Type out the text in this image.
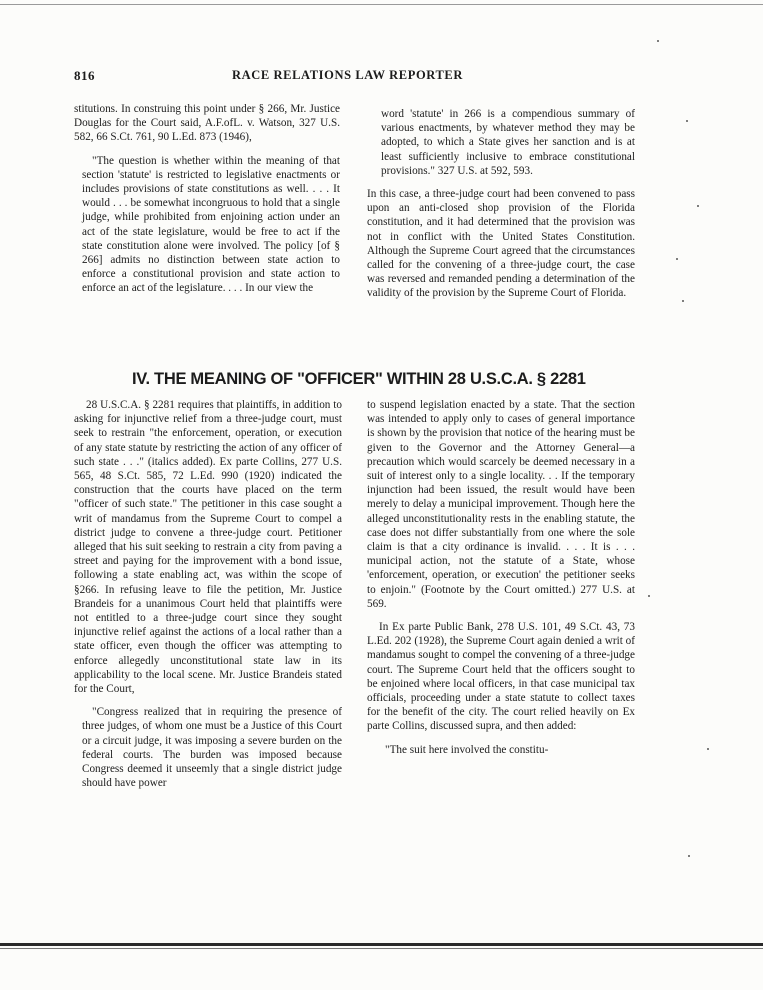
816	RACE RELATIONS LAW REPORTER

stitutions. In construing this point under § 266, Mr. Justice Douglas for the Court said, A.F.ofL. v. Watson, 327 U.S. 582, 66 S.Ct. 761, 90 L.Ed. 873 (1946),

"The question is whether within the meaning of that section 'statute' is restricted to legislative enactments or includes provisions of state constitutions as well. . . . It would . . . be somewhat incongruous to hold that a single judge, while prohibited from enjoining action under an act of the state legislature, would be free to act if the state constitution alone were involved. The policy [of § 266] admits no distinction between state action to enforce a constitutional provision and state action to enforce an act of the legislature. . . . In our view the

word 'statute' in 266 is a compendious summary of various enactments, by whatever method they may be adopted, to which a State gives her sanction and is at least sufficiently inclusive to embrace constitutional provisions." 327 U.S. at 592, 593.

In this case, a three-judge court had been convened to pass upon an anti-closed shop provision of the Florida constitution, and it had determined that the provision was not in conflict with the United States Constitution. Although the Supreme Court agreed that the circumstances called for the convening of a three-judge court, the case was reversed and remanded pending a determination of the validity of the provision by the Supreme Court of Florida.

IV. THE MEANING OF "OFFICER" WITHIN 28 U.S.C.A. § 2281

28 U.S.C.A. § 2281 requires that plaintiffs, in addition to asking for injunctive relief from a three-judge court, must seek to restrain "the enforcement, operation, or execution of any state statute by restricting the action of any officer of such state . . ." (italics added). Ex parte Collins, 277 U.S. 565, 48 S.Ct. 585, 72 L.Ed. 990 (1920) indicated the construction that the courts have placed on the term "officer of such state." The petitioner in this case sought a writ of mandamus from the Supreme Court to compel a district judge to convene a three-judge court. Petitioner alleged that his suit seeking to restrain a city from paving a street and paying for the improvement with a bond issue, following a state enabling act, was within the scope of §266. In refusing leave to file the petition, Mr. Justice Brandeis for a unanimous Court held that plaintiffs were not entitled to a three-judge court since they sought injunctive relief against the actions of a local rather than a state officer, even though the officer was attempting to enforce allegedly unconstitutional state law in its applicability to the local scene. Mr. Justice Brandeis stated for the Court,

"Congress realized that in requiring the presence of three judges, of whom one must be a Justice of this Court or a circuit judge, it was imposing a severe burden on the federal courts. The burden was imposed because Congress deemed it unseemly that a single district judge should have power

to suspend legislation enacted by a state. That the section was intended to apply only to cases of general importance is shown by the provision that notice of the hearing must be given to the Governor and the Attorney General—a precaution which would scarcely be deemed necessary in a suit of interest only to a single locality. . . If the temporary injunction had been issued, the result would have been merely to delay a municipal improvement. Though here the alleged unconstitutionality rests in the enabling statute, the case does not differ substantially from one where the sole claim is that a city ordinance is invalid. . . . It is . . . municipal action, not the statute of a State, whose 'enforcement, operation, or execution' the petitioner seeks to enjoin." (Footnote by the Court omitted.) 277 U.S. at 569.

In Ex parte Public Bank, 278 U.S. 101, 49 S.Ct. 43, 73 L.Ed. 202 (1928), the Supreme Court again denied a writ of mandamus sought to compel the convening of a three-judge court. The Supreme Court held that the officers sought to be enjoined where local officers, in that case municipal tax officials, proceeding under a state statute to collect taxes for the benefit of the city. The court relied heavily on Ex parte Collins, discussed supra, and then added:

"The suit here involved the constitu-
